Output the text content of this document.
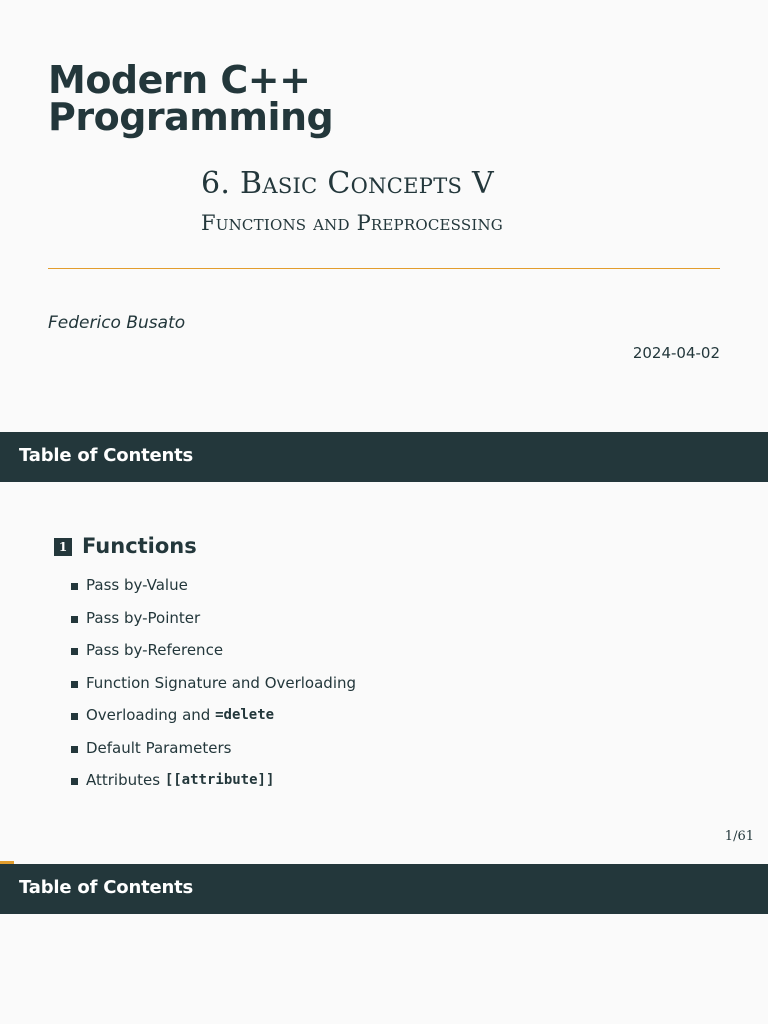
Modern C++
Programming
6. Basic Concepts V
Functions and Preprocessing
Federico Busato
2024-04-02
Table of Contents
1 Functions
Pass by-Value
Pass by-Pointer
Pass by-Reference
Function Signature and Overloading
Overloading and =delete
Default Parameters
Attributes [[attribute]]
1/61
Table of Contents
